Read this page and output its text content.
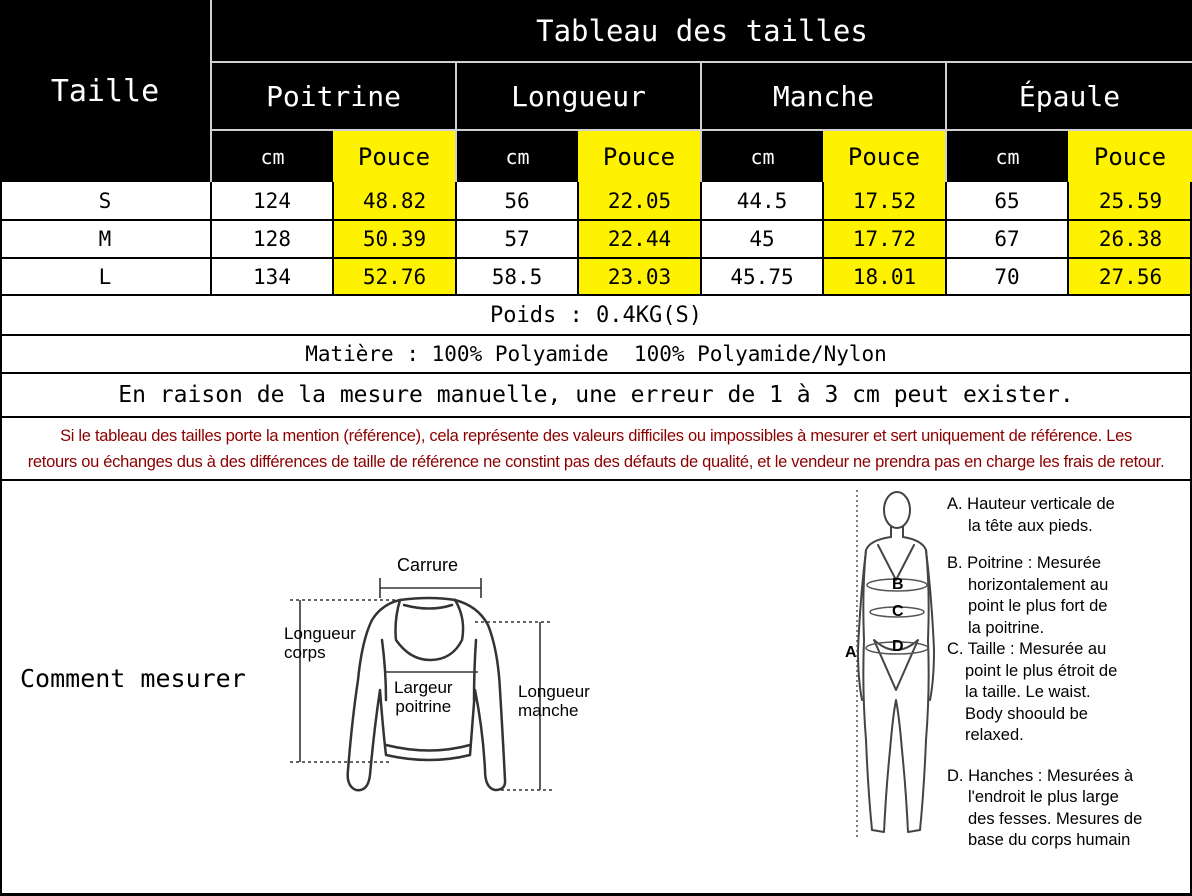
Tableau des tailles
Taille	Poitrine	Longueur	Manche	Épaule
cm	Pouce	cm	Pouce	cm	Pouce	cm	Pouce
S	124	48.82	56	22.05	44.5	17.52	65	25.59
M	128	50.39	57	22.44	45	17.72	67	26.38
L	134	52.76	58.5	23.03	45.75	18.01	70	27.56
Poids : 0.4KG(S)
Matière : 100% Polyamide  100% Polyamide/Nylon
En raison de la mesure manuelle, une erreur de 1 à 3 cm peut exister.
Si le tableau des tailles porte la mention (référence), cela représente des valeurs difficiles ou impossibles à mesurer et sert uniquement de référence. Les
retours ou échanges dus à des différences de taille de référence ne constint pas des défauts de qualité, et le vendeur ne prendra pas en charge les frais de retour.
Comment mesurer
Carrure
Longueur
corps
Largeur
poitrine
Longueur
manche
A
B
C
D
A. Hauteur verticale de
la tête aux pieds.
B. Poitrine : Mesurée
horizontalement au
point le plus fort de
la poitrine.
C. Taille : Mesurée au
point le plus étroit de
la taille. Le waist.
Body shoould be
relaxed.
D. Hanches : Mesurées à
l'endroit le plus large
des fesses. Mesures de
base du corps humain
